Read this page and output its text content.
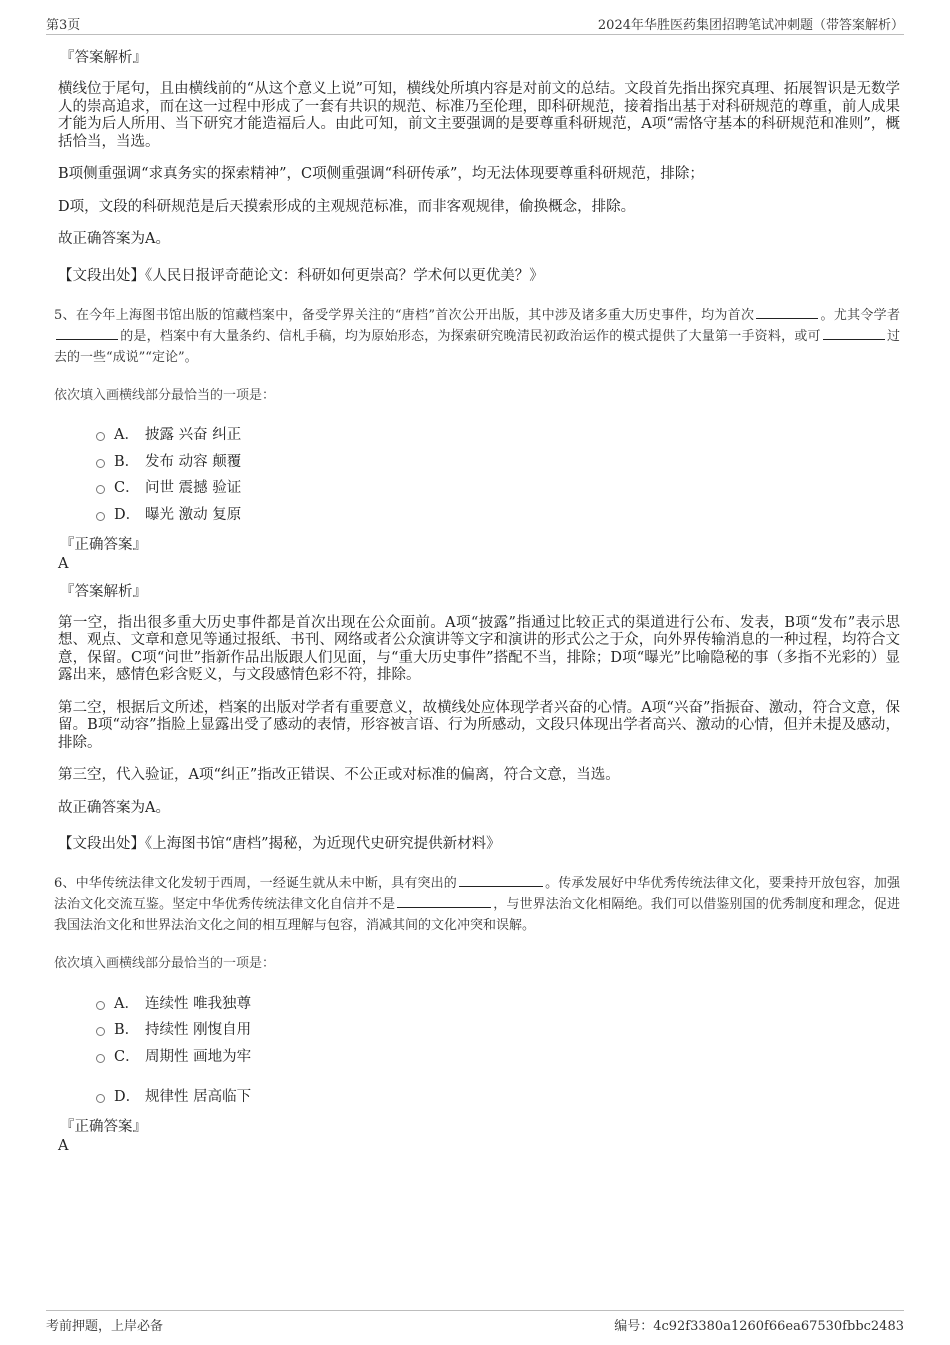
第3页	2024年华胜医药集团招聘笔试冲刺题（带答案解析）
『答案解析』

横线位于尾句，且由横线前的“从这个意义上说”可知，横线处所填内容是对前文的总结。文段首先指出探究真理、拓展智识是无数学人的崇高追求，而在这一过程中形成了一套有共识的规范、标准乃至伦理，即科研规范，接着指出基于对科研规范的尊重，前人成果才能为后人所用、当下研究才能造福后人。由此可知，前文主要强调的是要尊重科研规范，A项“需恪守基本的科研规范和准则”，概括恰当，当选。

B项侧重强调“求真务实的探索精神”，C项侧重强调“科研传承”，均无法体现要尊重科研规范，排除；

D项，文段的科研规范是后天摸索形成的主观规范标准，而非客观规律，偷换概念，排除。

故正确答案为A。

【文段出处】《人民日报评奇葩论文：科研如何更崇高？学术何以更优美？》

5、在今年上海图书馆出版的馆藏档案中，备受学界关注的“唐档”首次公开出版，其中涉及诸多重大历史事件，均为首次	。尤其令学者的是，档案中有大量条约、信札手稿，均为原始形态，为探索研究晚清民初政治运作的模式提供了大量第一手资料，或可	过去的一些“成说”“定论”。

依次填入画横线部分最恰当的一项是：
A． 披露 兴奋 纠正
B． 发布 动容 颠覆
C． 问世 震撼 验证
D． 曝光 激动 复原
『正确答案』
A
『答案解析』

第一空，指出很多重大历史事件都是首次出现在公众面前。A项“披露”指通过比较正式的渠道进行公布、发表，B项“发布”表示思想、观点、文章和意见等通过报纸、书刊、网络或者公众演讲等文字和演讲的形式公之于众，向外界传输消息的一种过程，均符合文意，保留。C项“问世”指新作品出版跟人们见面，与“重大历史事件”搭配不当，排除；D项“曝光”比喻隐秘的事（多指不光彩的）显露出来，感情色彩含贬义，与文段感情色彩不符，排除。

第二空，根据后文所述，档案的出版对学者有重要意义，故横线处应体现学者兴奋的心情。A项“兴奋”指振奋、激动，符合文意，保留。B项“动容”指脸上显露出受了感动的表情，形容被言语、行为所感动，文段只体现出学者高兴、激动的心情，但并未提及感动，排除。

第三空，代入验证，A项“纠正”指改正错误、不公正或对标准的偏离，符合文意，当选。

故正确答案为A。

【文段出处】《上海图书馆“唐档”揭秘，为近现代史研究提供新材料》

6、中华传统法律文化发轫于西周，一经诞生就从未中断，具有突出的	。传承发展好中华优秀传统法律文化，要秉持开放包容，加强法治文化交流互鉴。坚定中华优秀传统法律文化自信并不是	，与世界法治文化相隔绝。我们可以借鉴别国的优秀制度和理念，促进我国法治文化和世界法治文化之间的相互理解与包容，消减其间的文化冲突和误解。

依次填入画横线部分最恰当的一项是：
A． 连续性 唯我独尊
B． 持续性 刚愎自用
C． 周期性 画地为牢
D． 规律性 居高临下
『正确答案』
A
考前押题，上岸必备	编号：4c92f3380a1260f66ea67530fbbc2483
